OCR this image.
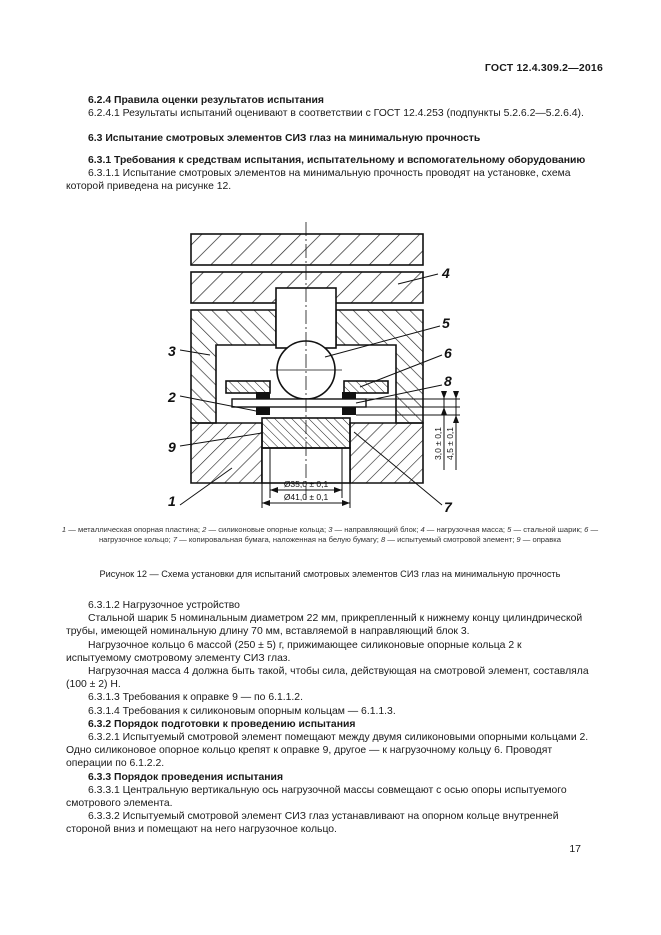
ГОСТ 12.4.309.2—2016

6.2.4 Правила оценки результатов испытания

6.2.4.1 Результаты испытаний оценивают в соответствии с ГОСТ 12.4.253 (подпункты 5.2.6.2—5.2.6.4).

6.3 Испытание смотровых элементов СИЗ глаз на минимальную прочность

6.3.1 Требования к средствам испытания, испытательному и вспомогательному оборудованию

6.3.1.1 Испытание смотровых элементов на минимальную прочность проводят на установке, схема которой приведена на рисунке 12.

1
2
3
4
5
6
8
9
7
Ø35,0 ± 0,1
Ø41,0 ± 0,1
3,0 ± 0,1 4,5 ± 0,1
1 — металлическая опорная пластина; 2 — силиконовые опорные кольца; 3 — направляющий блок; 4 — нагрузочная масса; 5 — стальной шарик; 6 — нагрузочное кольцо; 7 — копировальная бумага, наложенная на белую бумагу; 8 — испытуемый смотровой элемент; 9 — оправка
Рисунок 12 — Схема установки для испытаний смотровых элементов СИЗ глаз на минимальную прочность

6.3.1.2 Нагрузочное устройство

Стальной шарик 5 номинальным диаметром 22 мм, прикрепленный к нижнему концу цилиндрической трубы, имеющей номинальную длину 70 мм, вставляемой в направляющий блок 3.

Нагрузочное кольцо 6 массой (250 ± 5) г, прижимающее силиконовые опорные кольца 2 к испытуемому смотровому элементу СИЗ глаз.

Нагрузочная масса 4 должна быть такой, чтобы сила, действующая на смотровой элемент, составляла (100 ± 2) Н.

6.3.1.3 Требования к оправке 9 — по 6.1.1.2.

6.3.1.4 Требования к силиконовым опорным кольцам — 6.1.1.3.

6.3.2 Порядок подготовки к проведению испытания

6.3.2.1 Испытуемый смотровой элемент помещают между двумя силиконовыми опорными кольцами 2. Одно силиконовое опорное кольцо крепят к оправке 9, другое — к нагрузочному кольцу 6. Проводят операции по 6.1.2.2.

6.3.3 Порядок проведения испытания

6.3.3.1 Центральную вертикальную ось нагрузочной массы совмещают с осью опоры испытуемого смотрового элемента.

6.3.3.2 Испытуемый смотровой элемент СИЗ глаз устанавливают на опорном кольце внутренней стороной вниз и помещают на него нагрузочное кольцо.

17
